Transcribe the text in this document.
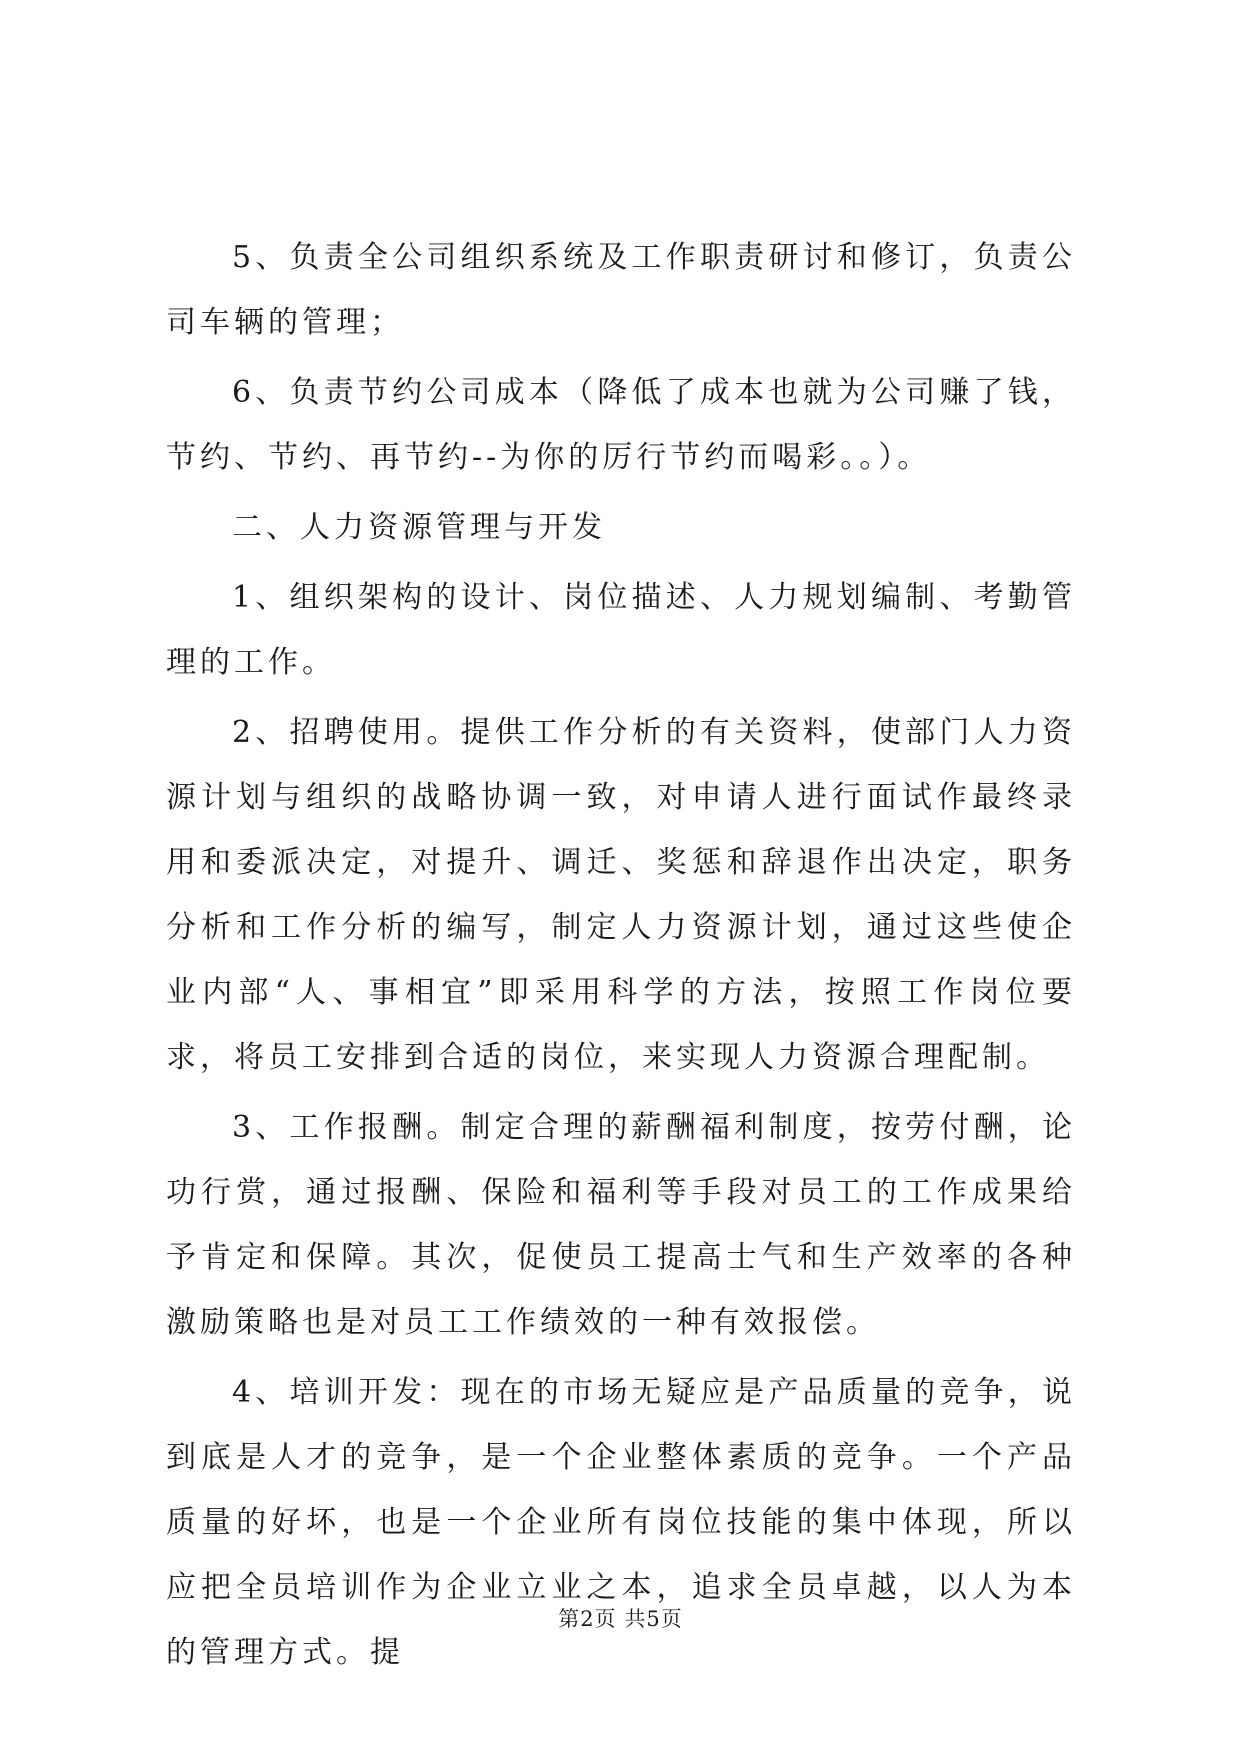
5、负责全公司组织系统及工作职责研讨和修订，负责公司车辆的管理；

6、负责节约公司成本（降低了成本也就为公司赚了钱，节约、节约、再节约--为你的厉行节约而喝彩。。）。

二、人力资源管理与开发

1、组织架构的设计、岗位描述、人力规划编制、考勤管理的工作。

2、招聘使用。提供工作分析的有关资料，使部门人力资源计划与组织的战略协调一致，对申请人进行面试作最终录用和委派决定，对提升、调迁、奖惩和辞退作出决定，职务分析和工作分析的编写，制定人力资源计划，通过这些使企业内部“人、事相宜”即采用科学的方法，按照工作岗位要求，将员工安排到合适的岗位，来实现人力资源合理配制。

3、工作报酬。制定合理的薪酬福利制度，按劳付酬，论功行赏，通过报酬、保险和福利等手段对员工的工作成果给予肯定和保障。其次，促使员工提高士气和生产效率的各种激励策略也是对员工工作绩效的一种有效报偿。

4、培训开发：现在的市场无疑应是产品质量的竞争，说到底是人才的竞争，是一个企业整体素质的竞争。一个产品质量的好坏，也是一个企业所有岗位技能的集中体现，所以应把全员培训作为企业立业之本，追求全员卓越，以人为本的管理方式。提

第2页 共5页
